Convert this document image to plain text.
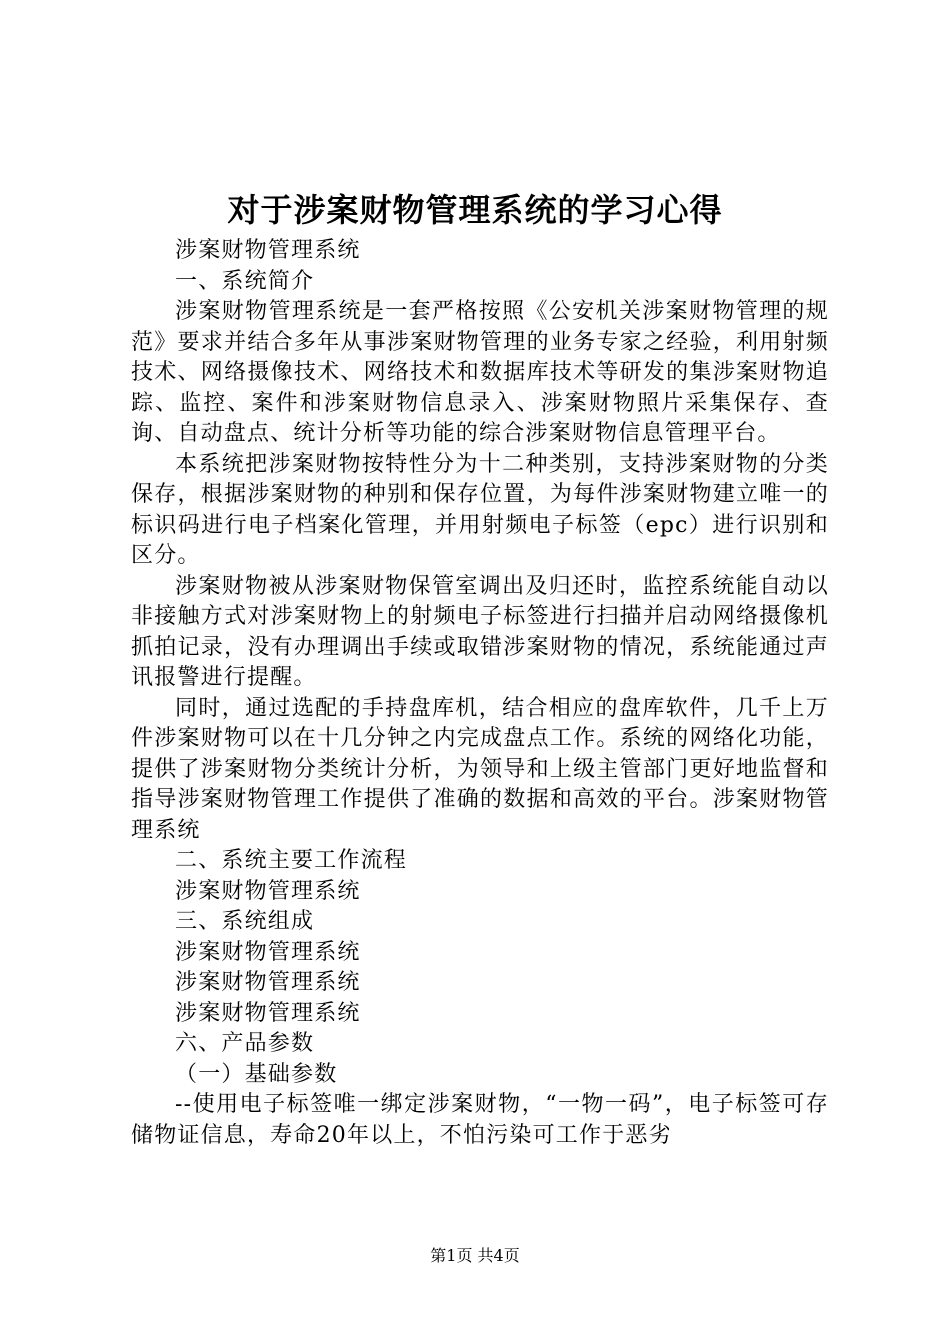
对于涉案财物管理系统的学习心得

涉案财物管理系统

一、系统简介

涉案财物管理系统是一套严格按照《公安机关涉案财物管理的规范》要求并结合多年从事涉案财物管理的业务专家之经验，利用射频技术、网络摄像技术、网络技术和数据库技术等研发的集涉案财物追踪、监控、案件和涉案财物信息录入、涉案财物照片采集保存、查询、自动盘点、统计分析等功能的综合涉案财物信息管理平台。

本系统把涉案财物按特性分为十二种类别，支持涉案财物的分类保存，根据涉案财物的种别和保存位置，为每件涉案财物建立唯一的标识码进行电子档案化管理，并用射频电子标签（epc）进行识别和区分。

涉案财物被从涉案财物保管室调出及归还时，监控系统能自动以非接触方式对涉案财物上的射频电子标签进行扫描并启动网络摄像机抓拍记录，没有办理调出手续或取错涉案财物的情况，系统能通过声讯报警进行提醒。

同时，通过选配的手持盘库机，结合相应的盘库软件，几千上万件涉案财物可以在十几分钟之内完成盘点工作。系统的网络化功能，提供了涉案财物分类统计分析，为领导和上级主管部门更好地监督和指导涉案财物管理工作提供了准确的数据和高效的平台。涉案财物管理系统

二、系统主要工作流程

涉案财物管理系统

三、系统组成

涉案财物管理系统

涉案财物管理系统

涉案财物管理系统

六、产品参数

（一）基础参数

--使用电子标签唯一绑定涉案财物，“一物一码”，电子标签可存储物证信息，寿命20年以上，不怕污染可工作于恶劣

第1页 共4页
